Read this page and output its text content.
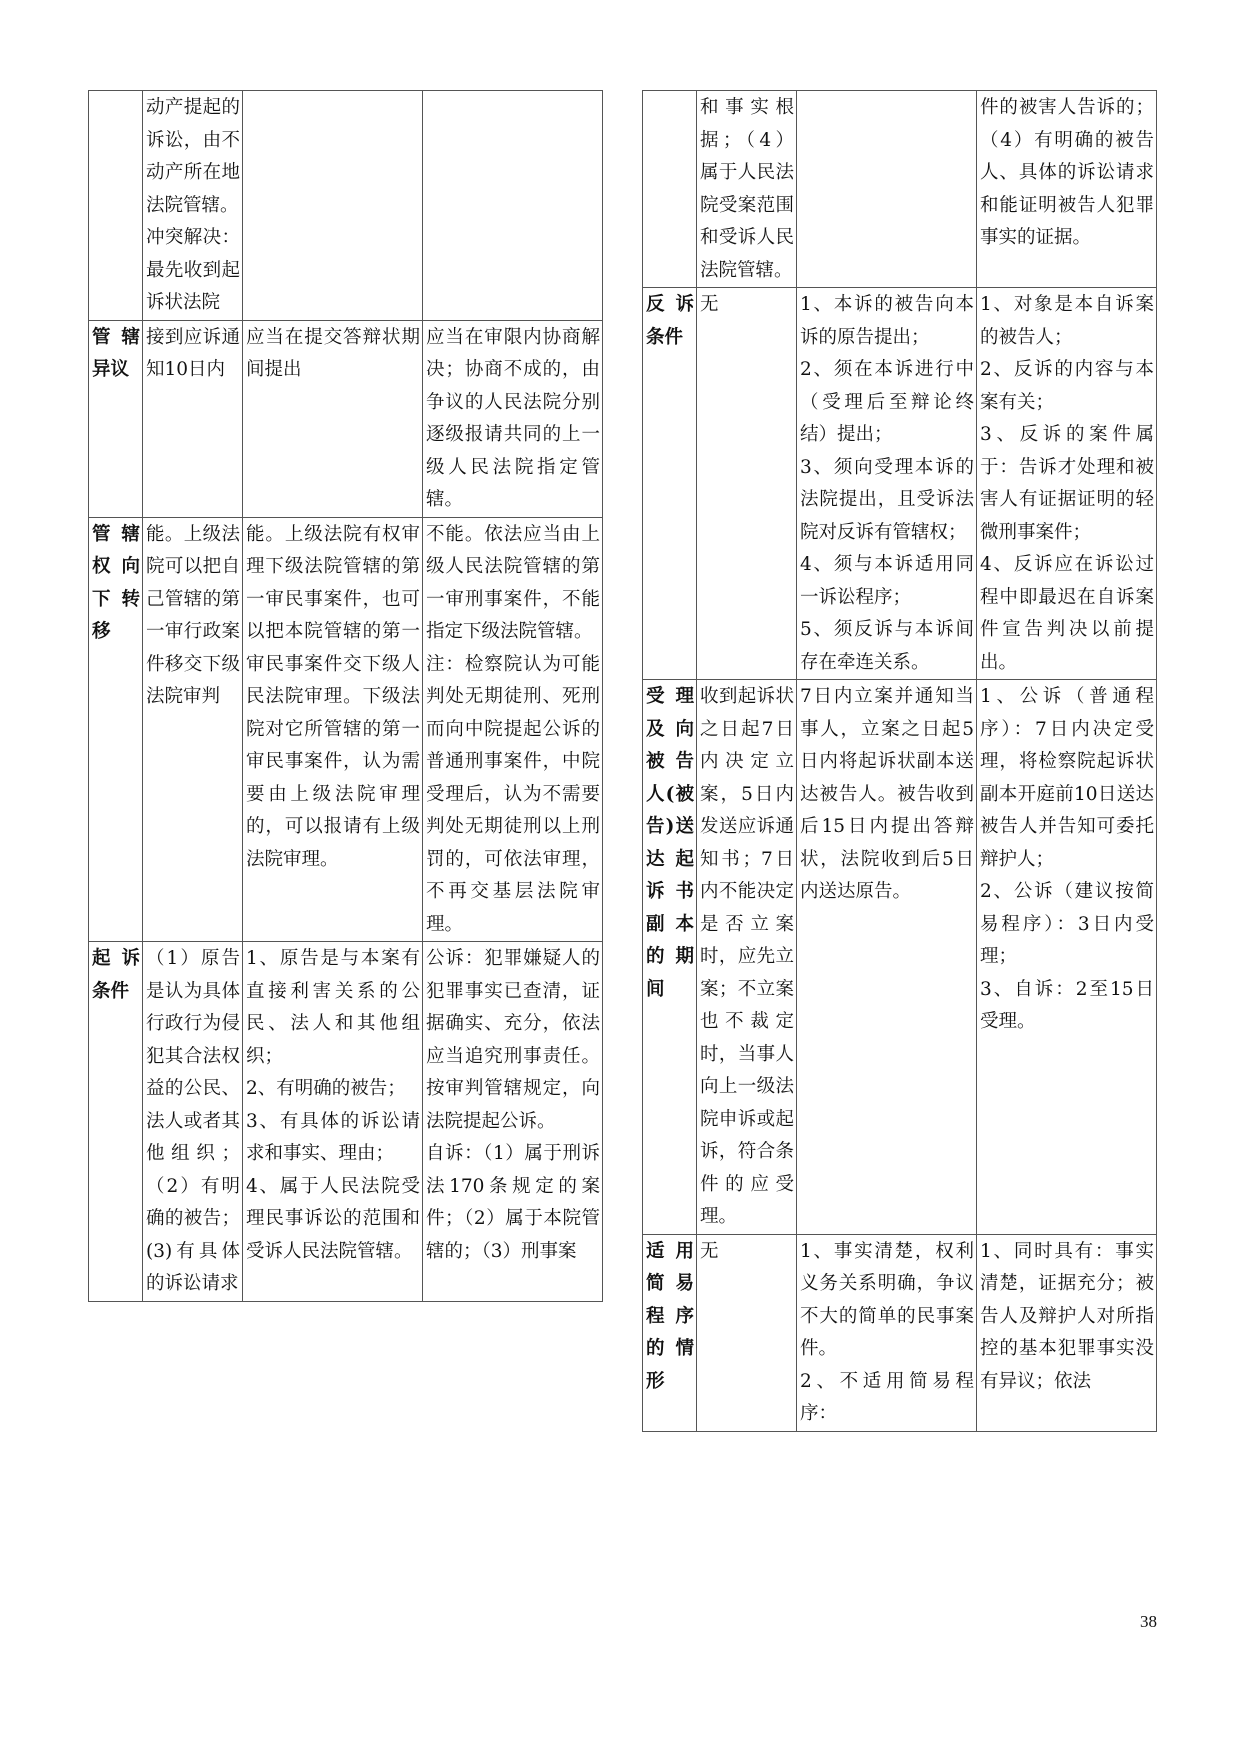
	动产提起的诉讼，由不动产所在地法院管辖。
冲突解决：最先收到起诉状法院		

管辖异议	接到应诉通知10日内	应当在提交答辩状期间提出	应当在审限内协商解决；协商不成的，由争议的人民法院分别逐级报请共同的上一级人民法院指定管辖。

管辖权向下转移	能。上级法院可以把自己管辖的第一审行政案件移交下级法院审判	能。上级法院有权审理下级法院管辖的第一审民事案件，也可以把本院管辖的第一审民事案件交下级人民法院审理。下级法院对它所管辖的第一审民事案件，认为需要由上级法院审理的，可以报请有上级法院审理。	不能。依法应当由上级人民法院管辖的第一审刑事案件，不能指定下级法院管辖。
注：检察院认为可能判处无期徒刑、死刑而向中院提起公诉的普通刑事案件，中院受理后，认为不需要判处无期徒刑以上刑罚的，可依法审理，不再交基层法院审理。

起诉条件	（1）原告是认为具体行政行为侵犯其合法权益的公民、法人或者其他组织；（2）有明确的被告；(3)有具体的诉讼请求	1、原告是与本案有直接利害关系的公民、法人和其他组织；
2、有明确的被告；
3、有具体的诉讼请求和事实、理由；
4、属于人民法院受理民事诉讼的范围和受诉人民法院管辖。	公诉：犯罪嫌疑人的犯罪事实已查清，证据确实、充分，依法应当追究刑事责任。按审判管辖规定，向法院提起公诉。
自诉：（1）属于刑诉法170条规定的案件；（2）属于本院管辖的；（3）刑事案

	和事实根据；（4）属于人民法院受案范围和受诉人民法院管辖。		件的被害人告诉的；（4）有明确的被告人、具体的诉讼请求和能证明被告人犯罪事实的证据。

反诉条件	无	1、本诉的被告向本诉的原告提出；
2、须在本诉进行中（受理后至辩论终结）提出；
3、须向受理本诉的法院提出，且受诉法院对反诉有管辖权；
4、须与本诉适用同一诉讼程序；
5、须反诉与本诉间存在牵连关系。	1、对象是本自诉案的被告人；
2、反诉的内容与本案有关；
3、反诉的案件属于：告诉才处理和被害人有证据证明的轻微刑事案件；
4、反诉应在诉讼过程中即最迟在自诉案件宣告判决以前提出。

受理及向被告人(被告)送达起诉书副本的期间	收到起诉状之日起7日内决定立案，5日内发送应诉通知书；7日内不能决定是否立案时，应先立案；不立案也不裁定时，当事人向上一级法院申诉或起诉，符合条件的应受理。	7日内立案并通知当事人，立案之日起5日内将起诉状副本送达被告人。被告收到后15日内提出答辩状，法院收到后5日内送达原告。	1、公诉（普通程序）：7日内决定受理，将检察院起诉状副本开庭前10日送达被告人并告知可委托辩护人；
2、公诉（建议按简易程序）：3日内受理；
3、自诉：2至15日受理。

适用简易程序的情形	无	1、事实清楚，权利义务关系明确，争议不大的简单的民事案件。
2、不适用简易程序：	1、同时具有：事实清楚，证据充分；被告人及辩护人对所指控的基本犯罪事实没有异议；依法
38
